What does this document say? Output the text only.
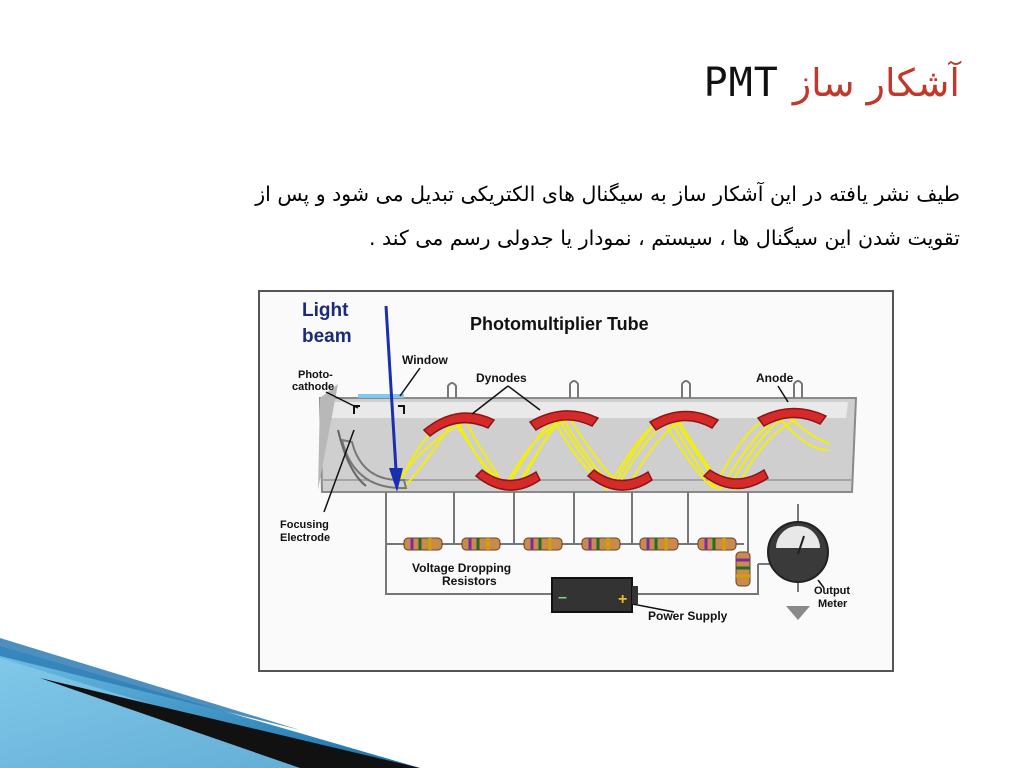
PMT آشکار ساز

طیف نشر یافته در این آشکار ساز به سیگنال های الکتریکی تبدیل می شود و پس از

تقویت شدن این سیگنال ها ، سیستم ، نمودار یا جدولی رسم می کند .

–	+
Light
beam
Photomultiplier Tube
Window
Photo-
cathode
Dynodes	Anode
Focusing
Electrode
Voltage Dropping
Resistors
Power Supply
Output
Meter
